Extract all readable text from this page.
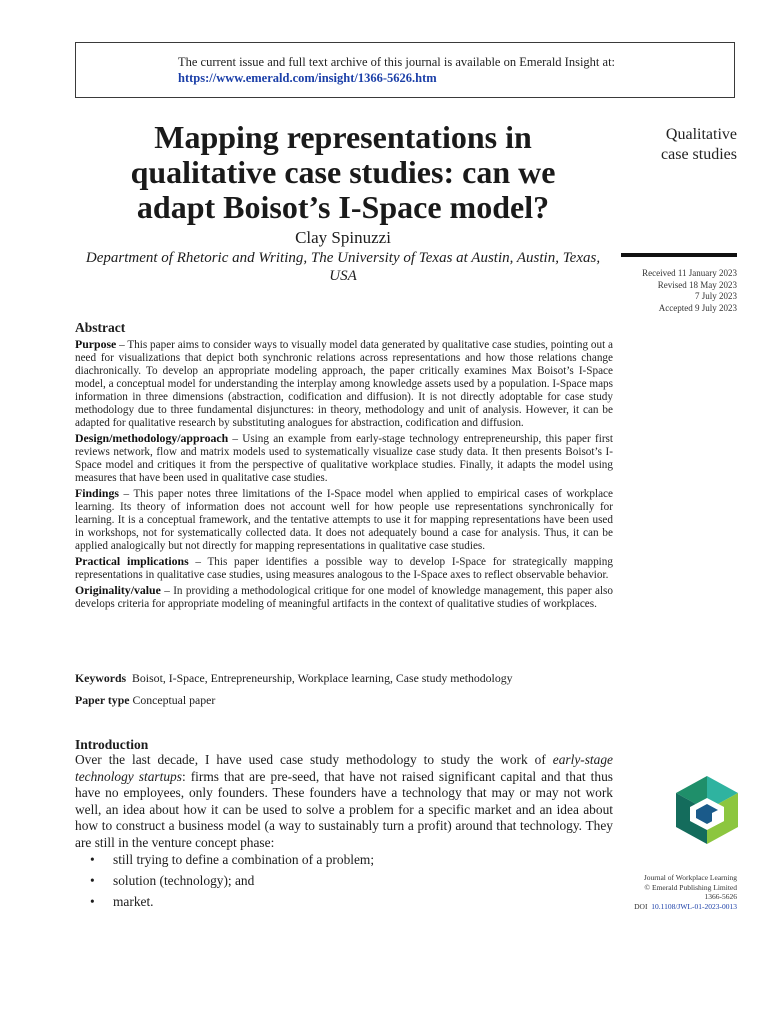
The current issue and full text archive of this journal is available on Emerald Insight at:
https://www.emerald.com/insight/1366-5626.htm
Mapping representations in
qualitative case studies: can we
adapt Boisot’s I-Space model?
Clay Spinuzzi
Department of Rhetoric and Writing, The University of Texas at Austin, Austin, Texas, USA
Qualitative
case studies
Received 11 January 2023
Revised 18 May 2023
7 July 2023
Accepted 9 July 2023
Abstract

Purpose – This paper aims to consider ways to visually model data generated by qualitative case studies, pointing out a need for visualizations that depict both synchronic relations across representations and how those relations change diachronically. To develop an appropriate modeling approach, the paper critically examines Max Boisot’s I-Space model, a conceptual model for understanding the interplay among knowledge assets used by a population. I-Space maps information in three dimensions (abstraction, codification and diffusion). It is not directly adoptable for case study methodology due to three fundamental disjunctures: in theory, methodology and unit of analysis. However, it can be adapted for qualitative research by substituting analogues for abstraction, codification and diffusion.

Design/methodology/approach – Using an example from early-stage technology entrepreneurship, this paper first reviews network, flow and matrix models used to systematically visualize case study data. It then presents Boisot’s I-Space model and critiques it from the perspective of qualitative workplace studies. Finally, it adapts the model using measures that have been used in qualitative case studies.

Findings – This paper notes three limitations of the I-Space model when applied to empirical cases of workplace learning. Its theory of information does not account well for how people use representations synchronically for learning. It is a conceptual framework, and the tentative attempts to use it for mapping representations have been used in workshops, not for systematically collected data. It does not adequately bound a case for analysis. Thus, it can be applied analogically but not directly for mapping representations in qualitative case studies.

Practical implications – This paper identifies a possible way to develop I-Space for strategically mapping representations in qualitative case studies, using measures analogous to the I-Space axes to reflect observable behavior.

Originality/value – In providing a methodological critique for one model of knowledge management, this paper also develops criteria for appropriate modeling of meaningful artifacts in the context of qualitative studies of workplaces.

Keywords Boisot, I-Space, Entrepreneurship, Workplace learning, Case study methodology
Paper type Conceptual paper
Introduction
Over the last decade, I have used case study methodology to study the work of early-stage technology startups: firms that are pre-seed, that have not raised significant capital and that thus have no employees, only founders. These founders have a technology that may or may not work well, an idea about how it can be used to solve a problem for a specific market and an idea about how to construct a business model (a way to sustainably turn a profit) around that technology. They are still in the venture concept phase:
• still trying to define a combination of a problem;
• solution (technology); and
• market.
Journal of Workplace Learning
© Emerald Publishing Limited
1366-5626
DOI 10.1108/JWL-01-2023-0013
